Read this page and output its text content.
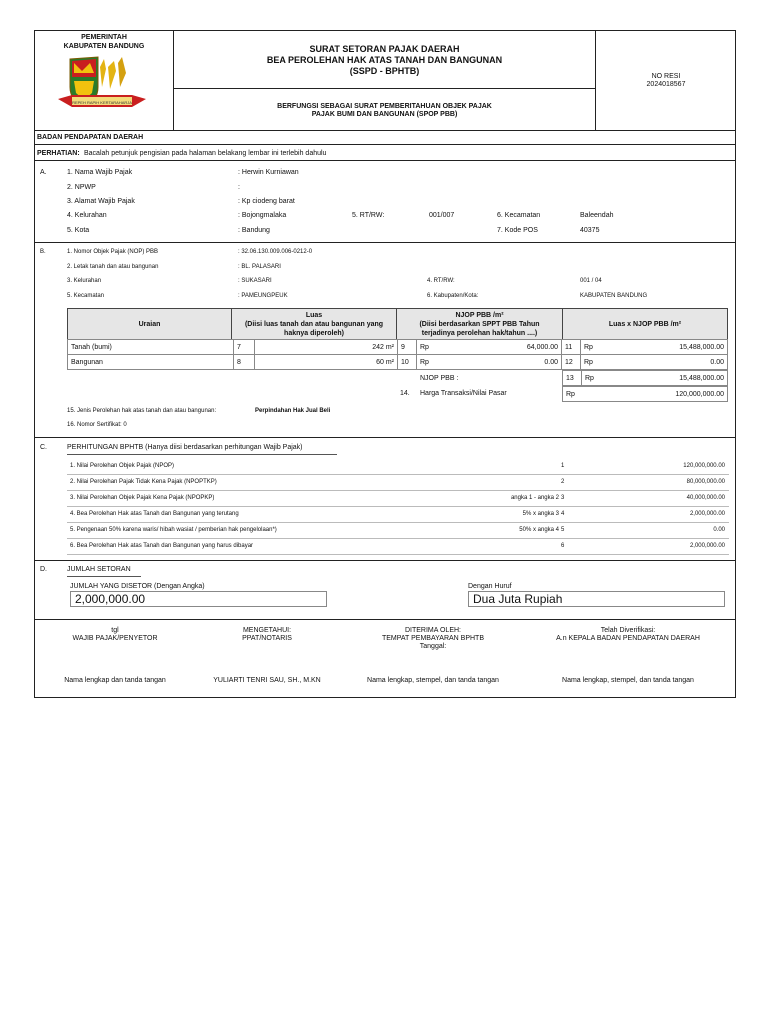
PEMERINTAH
KABUPATEN BANDUNG
REPEH RAPIH KERTARAHARJA
SURAT SETORAN PAJAK DAERAH
BEA PEROLEHAN HAK ATAS TANAH DAN BANGUNAN
(SSPD - BPHTB)
BERFUNGSI SEBAGAI SURAT PEMBERITAHUAN OBJEK PAJAK
PAJAK BUMI DAN BANGUNAN (SPOP PBB)
NO RESI
2024018567
BADAN PENDAPATAN DAERAH
PERHATIAN: Bacalah petunjuk pengisian pada halaman belakang lembar ini terlebih dahulu
A.	1. Nama Wajib Pajak	: Herwin Kurniawan
2. NPWP	:
3. Alamat Wajib Pajak	: Kp ciodeng barat
4. Kelurahan	: Bojongmalaka	5. RT/RW:	001/007	6. Kecamatan	Baleendah
5. Kota	: Bandung	7. Kode POS	40375
B.	1. Nomor Objek Pajak (NOP) PBB	: 32.06.130.009.006-0212-0
2. Letak tanah dan atau bangunan	: BL. PALASARI
3. Kelurahan	: SUKASARI	4. RT/RW:	001 / 04
5. Kecamatan	: PAMEUNGPEUK	6. Kabupaten/Kota:	KABUPATEN BANDUNG
Uraian
Luas
(Diisi luas tanah dan atau bangunan yang
haknya diperoleh)
NJOP PBB /m²
(Diisi berdasarkan SPPT PBB Tahun
terjadinya perolehan hak/tahun ....)
Luas x NJOP PBB /m²
Tanah (bumi)	7	242 m²	9	Rp	64,000.00	11	Rp	15,488,000.00
Bangunan	8	60 m²	10	Rp	0.00	12	Rp	0.00
NJOP PBB :	13	Rp	15,488,000.00
14. Harga Transaksi/Nilai Pasar	Rp	120,000,000.00
15. Jenis Perolehan hak atas tanah dan atau bangunan:	Perpindahan Hak Jual Beli
16. Nomor Sertifikat: 0
C.	PERHITUNGAN BPHTB (Hanya diisi berdasarkan perhitungan Wajib Pajak)
1. Nilai Perolehan Objek Pajak (NPOP)	1	120,000,000.00
2. Nilai Perolehan Pajak Tidak Kena Pajak (NPOPTKP)	2	80,000,000.00
3. Nilai Perolehan Objek Pajak Kena Pajak (NPOPKP)	angka 1 - angka 2 3	40,000,000.00
4. Bea Perolehan Hak atas Tanah dan Bangunan yang terutang	5% x angka 3 4	2,000,000.00
5. Pengenaan 50% karena waris/ hibah wasiat / pemberian hak pengelolaan*)	50% x angka 4 5	0.00
6. Bea Perolehan Hak atas Tanah dan Bangunan yang harus dibayar	6	2,000,000.00
D.	JUMLAH SETORAN
JUMLAH YANG DISETOR (Dengan Angka)
2,000,000.00
Dengan Huruf
Dua Juta Rupiah
tgl
WAJIB PAJAK/PENYETOR
Nama lengkap dan tanda tangan
MENGETAHUI:
PPAT/NOTARIS
YULIARTI TENRI SAU, SH., M.KN
DITERIMA OLEH:
TEMPAT PEMBAYARAN BPHTB
Tanggal:
Nama lengkap, stempel, dan tanda tangan
Telah Diverifikasi:
A.n KEPALA BADAN PENDAPATAN DAERAH
Nama lengkap, stempel, dan tanda tangan
